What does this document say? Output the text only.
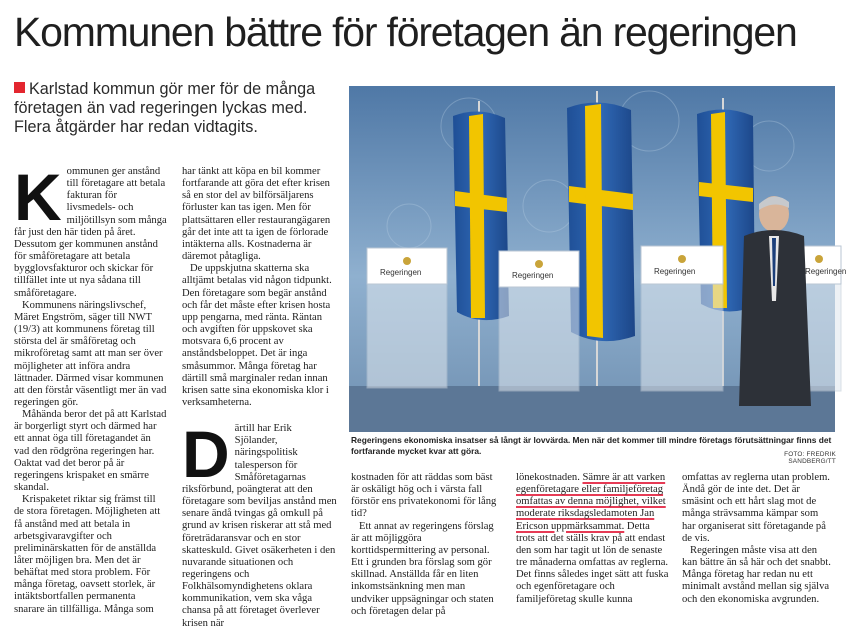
Kommunen bättre för företagen än regeringen

Karlstad kommun gör mer för de många företagen än vad regeringen lyckas med. Flera åtgärder har redan vidtagits.

Kommunen ger anstånd till företagare att betala fakturan för livsmedels- och miljötillsyn som många får just den här tiden på året. Dessutom ger kommunen anstånd för småföretagare att betala bygglovsfakturor och skickar för tillfället inte ut nya sådana till småföretagare.

Kommunens näringslivschef, Märet Engström, säger till NWT (19/3) att kommunens företag till största del är småföretag och mikroföretag samt att man ser över möjligheter att införa andra lättnader. Därmed visar kommunen att den förstår väsentligt mer än vad regeringen gör.

Måhända beror det på att Karlstad är borgerligt styrt och därmed har ett annat öga till företagandet än vad den rödgröna regeringen har. Oaktat vad det beror på är regeringens krispaket en smärre skandal.

Krispaketet riktar sig främst till de stora företagen. Möjligheten att få anstånd med att betala in arbetsgivaravgifter och preliminärskatten för de anställda låter möjligen bra. Men det är behäftat med stora problem. För många företag, oavsett storlek, är intäktsbortfallen permanenta snarare än tillfälliga. Många som

har tänkt att köpa en bil kommer fortfarande att göra det efter krisen så en stor del av bilförsäljarens förluster kan tas igen. Men för plattsättaren eller restaurangägaren går det inte att ta igen de förlorade intäkterna alls. Kostnaderna är däremot påtagliga.

De uppskjutna skatterna ska alltjämt betalas vid någon tidpunkt. Den företagare som begär anstånd och får det måste efter krisen hosta upp pengarna, med ränta. Räntan och avgiften för uppskovet ska motsvara 6,6 procent av anståndsbeloppet. Det är inga småsummor. Många företag har därtill små marginaler redan innan krisen satte sina ekonomiska klor i verksamheterna.

Därtill har Erik Sjölander, näringspolitisk talesperson för Småföretagarnas riksförbund, poängterat att den företagare som beviljas anstånd men senare ändå tvingas gå omkull på grund av krisen riskerar att stå med företrädaransvar och en stor skatteskuld. Givet osäkerheten i den nuvarande situationen och regeringens och Folkhälsomyndighetens oklara kommunikation, vem ska våga chansa på att företaget överlever krisen när

Regeringen	Regeringen	Regeringen	Regeringen
Regeringens ekonomiska insatser så långt är lovvärda. Men när det kommer till mindre företags förutsättningar finns det fortfarande mycket kvar att göra.	FOTO: FREDRIK SANDBERG/TT

kostnaden för att räddas som bäst är oskäligt hög och i värsta fall förstör ens privatekonomi för lång tid?

Ett annat av regeringens förslag är att möjliggöra korttidspermittering av personal. Ett i grunden bra förslag som gör skillnad. Anställda får en liten inkomstsänkning men man undviker uppsägningar och staten och företagen delar på

lönekostnaden. Sämre är att varken egenföretagare eller familjeföretag omfattas av denna möjlighet, vilket moderate riksdagsledamoten Jan Ericson uppmärksammat. Detta trots att det ställs krav på att endast den som har tagit ut lön de senaste tre månaderna omfattas av reglerna. Det finns således inget sätt att fuska och egenföretagare och familjeföretag skulle kunna

omfattas av reglerna utan problem. Ändå gör de inte det. Det är smäsint och ett hårt slag mot de många strävsamma kämpar som har organiserat sitt företagande på de vis.

Regeringen måste visa att den kan bättre än så här och det snabbt. Många företag har redan nu ett minimalt avstånd mellan sig själva och den ekonomiska avgrunden.
